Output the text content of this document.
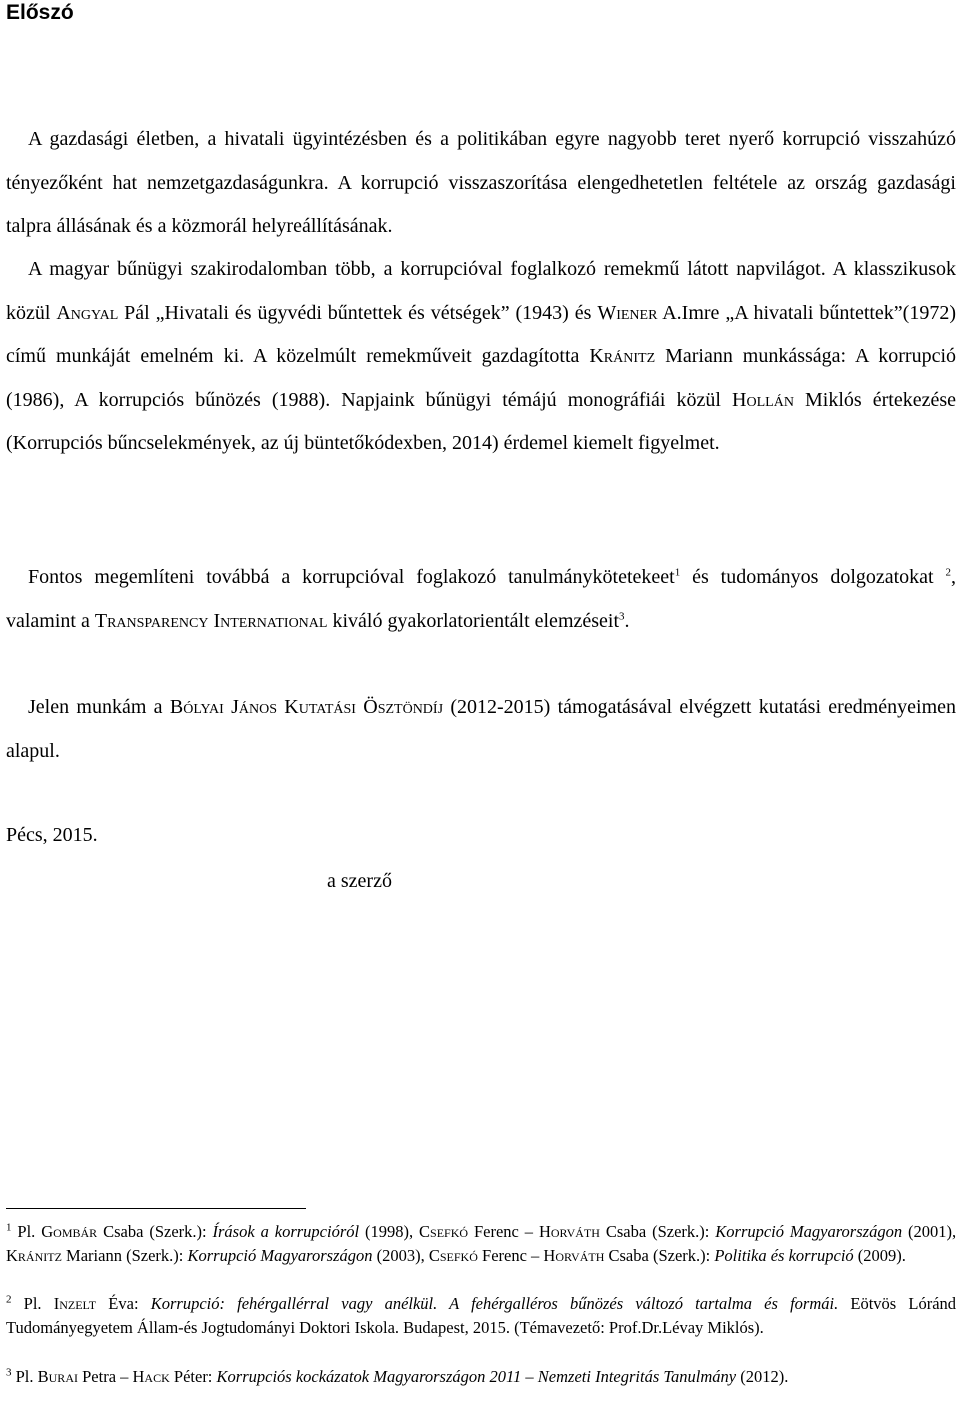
Előszó

A gazdasági életben, a hivatali ügyintézésben és a politikában egyre nagyobb teret nyerő korrupció visszahúzó tényezőként hat nemzetgazdaságunkra. A korrupció visszaszorítása elengedhetetlen feltétele az ország gazdasági talpra állásának és a közmorál helyreállításának.

A magyar bűnügyi szakirodalomban több, a korrupcióval foglalkozó remekmű látott napvilágot. A klasszikusok közül Angyal Pál „Hivatali és ügyvédi bűntettek és vétségek” (1943) és Wiener A.Imre „A hivatali bűntettek”(1972) című munkáját emelném ki. A közelmúlt remekműveit gazdagította Kránitz Mariann munkássága: A korrupció (1986), A korrupciós bűnözés (1988). Napjaink bűnügyi témájú monográfiái közül Hollán Miklós értekezése (Korrupciós bűncselekmények, az új büntetőkódexben, 2014) érdemel kiemelt figyelmet.

Fontos megemlíteni továbbá a korrupcióval foglakozó tanulmánykötetekeet$^1$ és tudományos dolgozatokat $^2$, valamint a Transparency International kiváló gyakorlatorientált elemzéseit$^3$.

Jelen munkám a Bólyai János Kutatási Ösztöndíj (2012-2015) támogatásával elvégzett kutatási eredményeimen alapul.

Pécs, 2015.

a szerző

$^1$ Pl. Gombár Csaba (Szerk.): Írások a korrupcióról (1998), Csefkó Ferenc – Horváth Csaba (Szerk.): Korrupció Magyarországon (2001), Kránitz Mariann (Szerk.): Korrupció Magyarországon (2003), Csefkó Ferenc – Horváth Csaba (Szerk.): Politika és korrupció (2009).

$^2$ Pl. Inzelt Éva: Korrupció: fehérgallérral vagy anélkül. A fehérgalléros bűnözés változó tartalma és formái. Eötvös Lóránd Tudományegyetem Állam-és Jogtudományi Doktori Iskola. Budapest, 2015. (Témavezető: Prof.Dr.Lévay Miklós).

$^3$ Pl. Burai Petra – Hack Péter: Korrupciós kockázatok Magyarországon 2011 – Nemzeti Integritás Tanulmány (2012).
